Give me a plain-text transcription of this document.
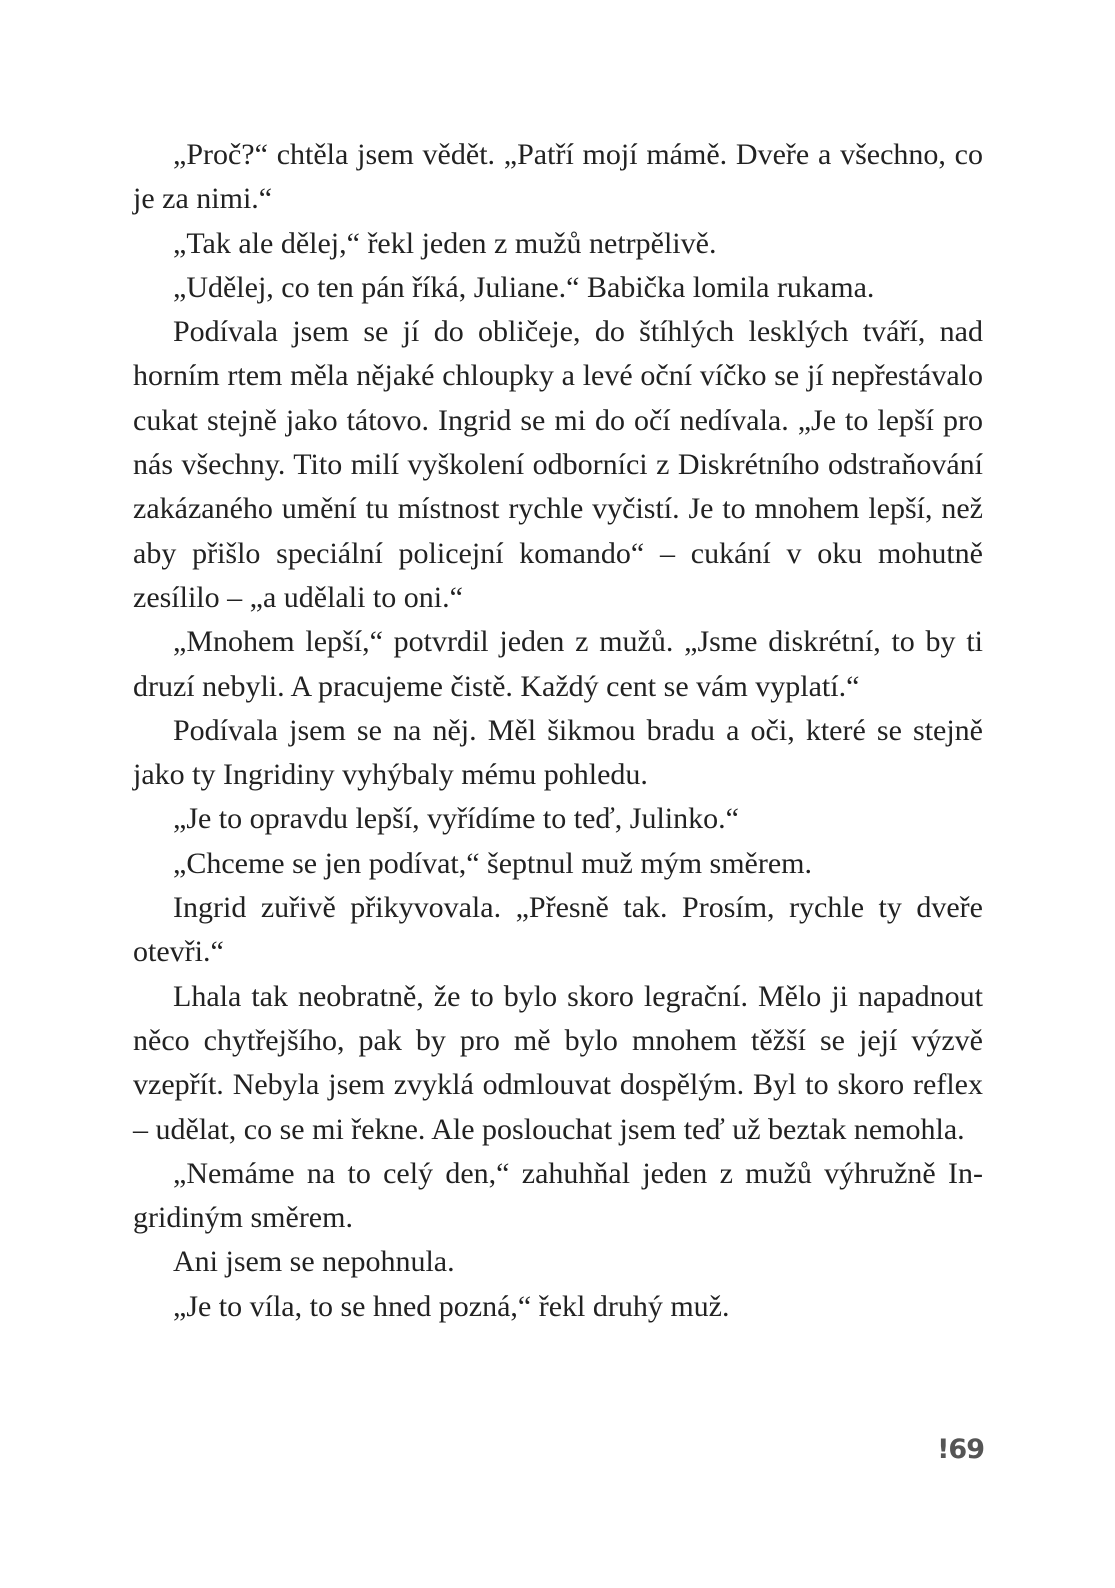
„Proč?“ chtěla jsem vědět. „Patří mojí mámě. Dveře a všechno, co je za nimi.“

„Tak ale dělej,“ řekl jeden z mužů netrpělivě.

„Udělej, co ten pán říká, Juliane.“ Babička lomila rukama.

Podívala jsem se jí do obličeje, do štíhlých lesklých tváří, nad horním rtem měla nějaké chloupky a levé oční víčko se jí nepřestávalo cukat stejně jako tátovo. Ingrid se mi do očí nedívala. „Je to lepší pro nás všechny. Tito milí vyškolení odborníci z Diskrétního odstraňování zakázaného umění tu místnost rychle vyčistí. Je to mnohem lepší, než aby přišlo speciální policejní komando“ – cukání v oku mohutně zesílilo – „a udělali to oni.“

„Mnohem lepší,“ potvrdil jeden z mužů. „Jsme diskrétní, to by ti druzí nebyli. A pracujeme čistě. Každý cent se vám vyplatí.“

Podívala jsem se na něj. Měl šikmou bradu a oči, které se stejně jako ty Ingridiny vyhýbaly mému pohledu.

„Je to opravdu lepší, vyřídíme to teď, Julinko.“

„Chceme se jen podívat,“ šeptnul muž mým směrem.

Ingrid zuřivě přikyvovala. „Přesně tak. Prosím, rychle ty dveře otevři.“

Lhala tak neobratně, že to bylo skoro legrační. Mělo ji napadnout něco chytřejšího, pak by pro mě bylo mnohem těžší se její výzvě vzepřít. Nebyla jsem zvyklá odmlouvat dospělým. Byl to skoro reflex – udělat, co se mi řekne. Ale poslouchat jsem teď už beztak nemohla.

„Nemáme na to celý den,“ zahuhňal jeden z mužů výhružně Ingridiným směrem.

Ani jsem se nepohnula.

„Je to víla, to se hned pozná,“ řekl druhý muž.

!69
